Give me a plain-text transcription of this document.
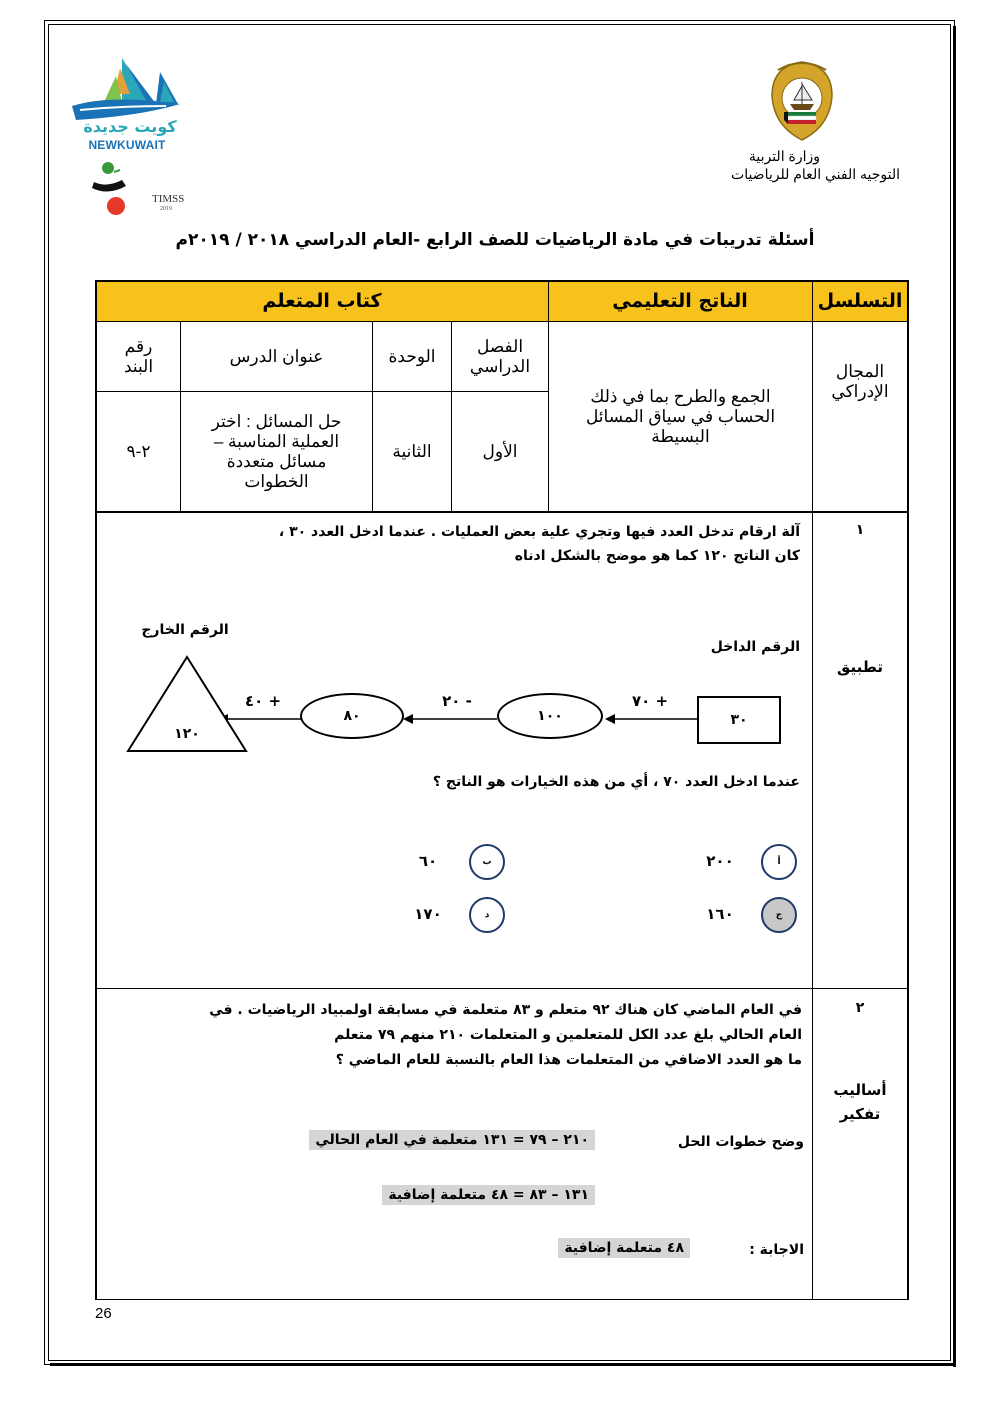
كويت جديدة
NEWKUWAIT
TIMSS
2019
وزارة التربية
التوجيه الفني العام للرياضيات
أسئلة تدريبات في مادة الرياضيات للصف الرابع -العام الدراسي ٢٠١٨ / ٢٠١٩م
التسلسل
الناتج التعليمي
كتاب المتعلم
الفصل الدراسي
الوحدة
عنوان الدرس
رقم البند	المجال الإدراكي
الجمع والطرح بما في ذلك الحساب في سياق المسائل البسيطة
الأول
الثانية
حل المسائل : اختر العملية المناسبة – مسائل متعددة الخطوات
٢-٩
١
تطبيق
آلة ارقام تدخل العدد فيها وتجري علية بعض العمليات . عندما ادخل العدد ٣٠ ،
كان الناتج ١٢٠ كما هو موضح بالشكل ادناه
الرقم الداخل
الرقم الخارج
٣٠
+ ٧٠
١٠٠
- ٢٠
٨٠
+ ٤٠
١٢٠
عندما ادخل العدد ٧٠ ، أي من هذه الخيارات هو الناتج ؟
أ
٢٠٠
ب
٦٠
ج
١٦٠
د
١٧٠
٢
أساليب تفكير
في العام الماضي كان هناك ٩٢ متعلم و ٨٣ متعلمة في مسابقة اولمبياد الرياضيات . في
العام الحالي بلغ عدد الكل للمتعلمين و المتعلمات ٢١٠ منهم ٧٩ متعلم
ما هو العدد الاضافي من المتعلمات هذا العام بالنسبة للعام الماضي ؟
وضح خطوات الحل
٢١٠ – ٧٩ = ١٣١ متعلمة في العام الحالي
١٣١ – ٨٣ = ٤٨ متعلمة إضافية
الاجابة :
٤٨ متعلمة إضافية
26
